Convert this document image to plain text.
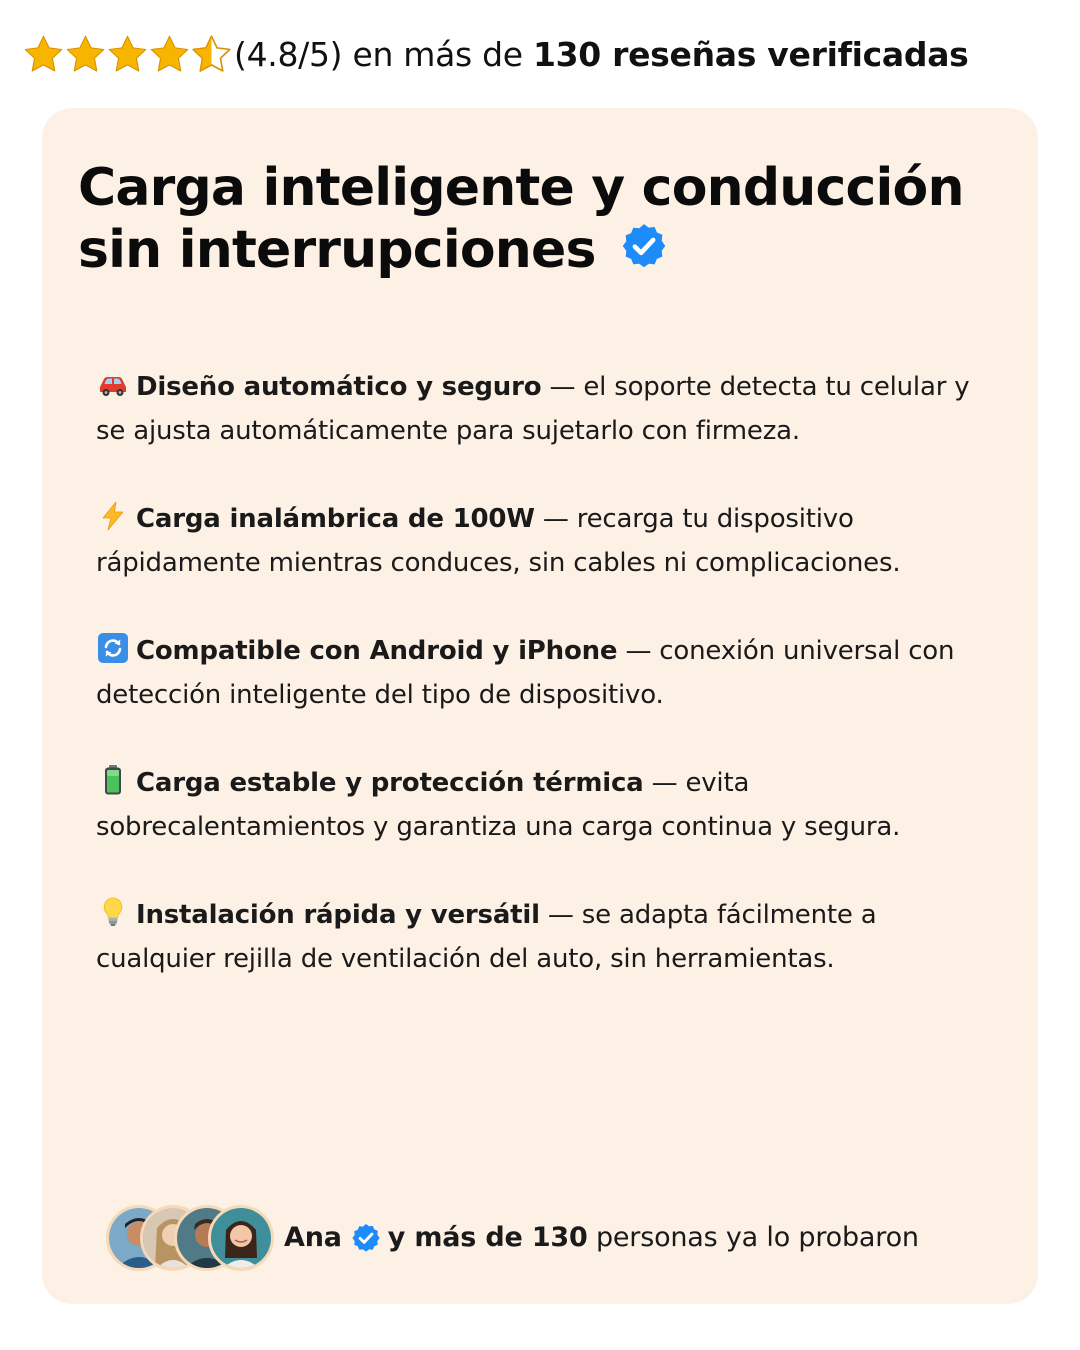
(4.8/5) en más de 130 reseñas verificadas
Carga inteligente y conducción sin interrupciones

Diseño automático y seguro — el soporte detecta tu celular y se ajusta automáticamente para sujetarlo con firmeza.

Carga inalámbrica de 100W — recarga tu dispositivo rápidamente mientras conduces, sin cables ni complicaciones.

Compatible con Android y iPhone — conexión universal con detección inteligente del tipo de dispositivo.

Carga estable y protección térmica — evita sobrecalentamientos y garantiza una carga continua y segura.

Instalación rápida y versátil — se adapta fácilmente a cualquier rejilla de ventilación del auto, sin herramientas.

Ana y más de 130 personas ya lo probaron
